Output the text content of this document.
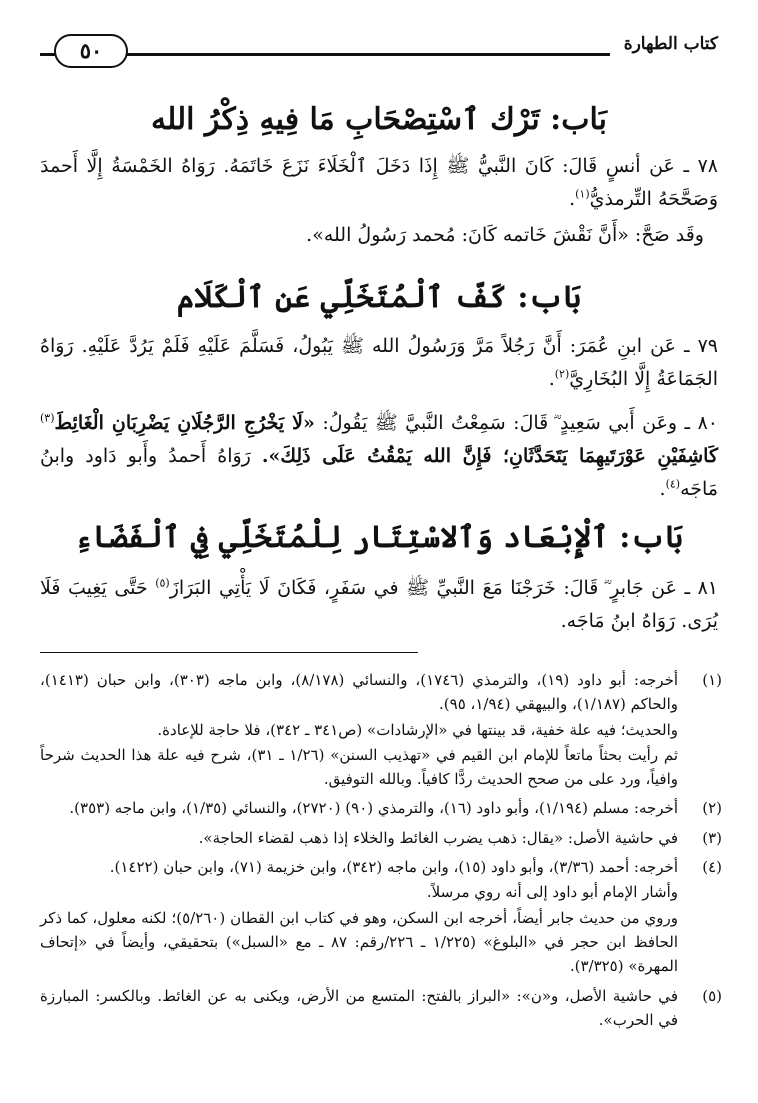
كتاب الطهارة
٥٠
بَاب: تَرْك ٱسْتِصْحَابِ مَا فِيهِ ذِكْرُ الله

٧٨ ـ عَن أنسٍ قَالَ: كَانَ النَّبيُّ ﷺ إِذَا دَخَلَ ٱلْخَلَاءَ نَزَعَ خَاتَمَهُ. رَوَاهُ الخَمْسَةُ إِلَّا أَحمدَ وَصَحَّحَهُ التِّرمذيُّ$^{(١)}$.

وقَد صَحَّ: «أَنَّ نَقْشَ خَاتمه كَانَ: مُحمد رَسُولُ الله».

بَاب: كَفّ ٱلْمُتَخَلِّي عَنِ ٱلْكَلَام

٧٩ ـ عَن ابنِ عُمَرَ: أَنَّ رَجُلاً مَرَّ وَرَسُولُ الله ﷺ يَبُولُ، فَسَلَّمَ عَلَيْهِ فَلَمْ يَرُدَّ عَلَيْهِ. رَوَاهُ الجَمَاعَةُ إِلَّا البُخَارِيَّ$^{(٢)}$.

٨٠ ـ وعَن أَبي سَعِيدٍ ؓ قَالَ: سَمِعْتُ النَّبيَّ ﷺ يَقُولُ: «لَا يَخْرُجِ الرَّجُلَانِ يَضْرِبَانِ الْغَائِطَ$^{(٣)}$ كَاشِفَيْنِ عَوْرَتَيهِمَا يَتَحَدَّثَانِ؛ فَإِنَّ الله يَمْقُتُ عَلَى ذَلِكَ». رَوَاهُ أَحمدُ وأَبو دَاود وابنُ مَاجَه$^{(٤)}$.

بَاب: ٱلْإِبْعَاد وَٱلاسْتِتَار لِلْمُتَخَلِّي فِي ٱلْفَضَاءِ

٨١ ـ عَن جَابرٍ ؓ قَالَ: خَرَجْنَا مَعَ النَّبيِّ ﷺ في سَفَرٍ، فَكَانَ لَا يَأْتِي البَرَازَ$^{(٥)}$ حَتَّى يَغِيبَ فَلَا يُرَى. رَوَاهُ ابنُ مَاجَه.

(١)

أخرجه: أبو داود (١٩)، والترمذي (١٧٤٦)، والنسائي (٨/١٧٨)، وابن ماجه (٣٠٣)، وابن حبان (١٤١٣)، والحاكم (١/١٨٧)، والبيهقي (١/٩٤، ٩٥).

والحديث؛ فيه علة خفية، قد بينتها في «الإرشادات» (ص٣٤١ ـ ٣٤٢)، فلا حاجة للإعادة.

ثم رأيت بحثاً ماتعاً للإمام ابن القيم في «تهذيب السنن» (١/٢٦ ـ ٣١)، شرح فيه علة هذا الحديث شرحاً وافياً، ورد على من صحح الحديث ردًّا كافياً. وبالله التوفيق.

(٢)

أخرجه: مسلم (١/١٩٤)، وأبو داود (١٦)، والترمذي (٩٠) (٢٧٢٠)، والنسائي (١/٣٥)، وابن ماجه (٣٥٣).

(٣)

في حاشية الأصل: «يقال: ذهب يضرب الغائط والخلاء إذا ذهب لقضاء الحاجة».

(٤)

أخرجه: أحمد (٣/٣٦)، وأبو داود (١٥)، وابن ماجه (٣٤٢)، وابن خزيمة (٧١)، وابن حبان (١٤٢٢).

وأشار الإمام أبو داود إلى أنه روي مرسلاً.

وروي من حديث جابر أيضاً، أخرجه ابن السكن، وهو في كتاب ابن القطان (٥/٢٦٠)؛ لكنه معلول، كما ذكر الحافظ ابن حجر في «البلوغ» (١/٢٢٥ ـ ٢٢٦/رقم: ٨٧ ـ مع «السبل») بتحقيقي، وأيضاً في «إتحاف المهرة» (٣/٣٢٥).

(٥)

في حاشية الأصل، و«ن»: «البراز بالفتح: المتسع من الأرض، ويكنى به عن الغائط. وبالكسر: المبارزة في الحرب».
